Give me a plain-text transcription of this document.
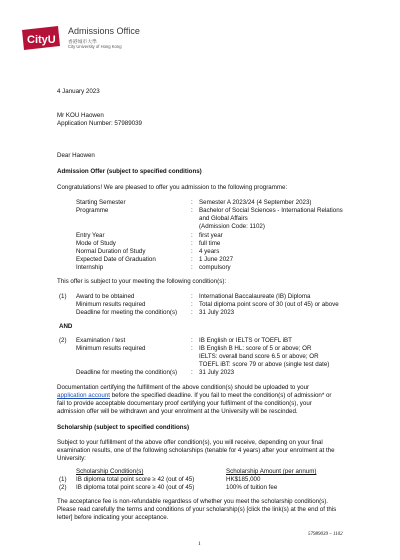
CityU
Admissions Office
香港城市大學
City University of Hong Kong
4 January 2023
Mr KOU Haowen
Application Number: 57989039
Dear Haowen
Admission Offer (subject to specified conditions)
Congratulations! We are pleased to offer you admission to the following programme:
Starting Semester	: Semester A 2023/24 (4 September 2023)
Programme	: Bachelor of Social Sciences - International Relations
and Global Affairs
(Admission Code: 1102)
Entry Year	: first year
Mode of Study	: full time
Normal Duration of Study	: 4 years
Expected Date of Graduation	: 1 June 2027
Internship	: compulsory
This offer is subject to your meeting the following condition(s):
(1) Award to be obtained	: International Baccalaureate (IB) Diploma
Minimum results required	: Total diploma point score of 30 (out of 45) or above
Deadline for meeting the condition(s) : 31 July 2023
AND
(2) Examination / test	: IB English or IELTS or TOEFL iBT
Minimum results required	: IB English B HL: score of 5 or above; OR
IELTS: overall band score 6.5 or above; OR
TOEFL iBT: score 79 or above (single test date)
Deadline for meeting the condition(s) : 31 July 2023
Documentation certifying the fulfillment of the above condition(s) should be uploaded to your
application account before the specified deadline. If you fail to meet the condition(s) of admission* or
fail to provide acceptable documentary proof certifying your fulfilment of the condition(s), your
admission offer will be withdrawn and your enrolment at the University will be rescinded.
Scholarship (subject to specified conditions)
Subject to your fulfillment of the above offer condition(s), you will receive, depending on your final
examination results, one of the following scholarships (tenable for 4 years) after your enrolment at the
University:
Scholarship Condition(s)	Scholarship Amount (per annum)
(1) IB diploma total point score ≥ 42 (out of 45)	HK$185,000
(2) IB diploma total point score ≥ 40 (out of 45)	100% of tuition fee
The acceptance fee is non-refundable regardless of whether you meet the scholarship condition(s).
Please read carefully the terms and conditions of your scholarship(s) [click the link(s) at the end of this
letter] before indicating your acceptance.
57989039 – 1102
1
